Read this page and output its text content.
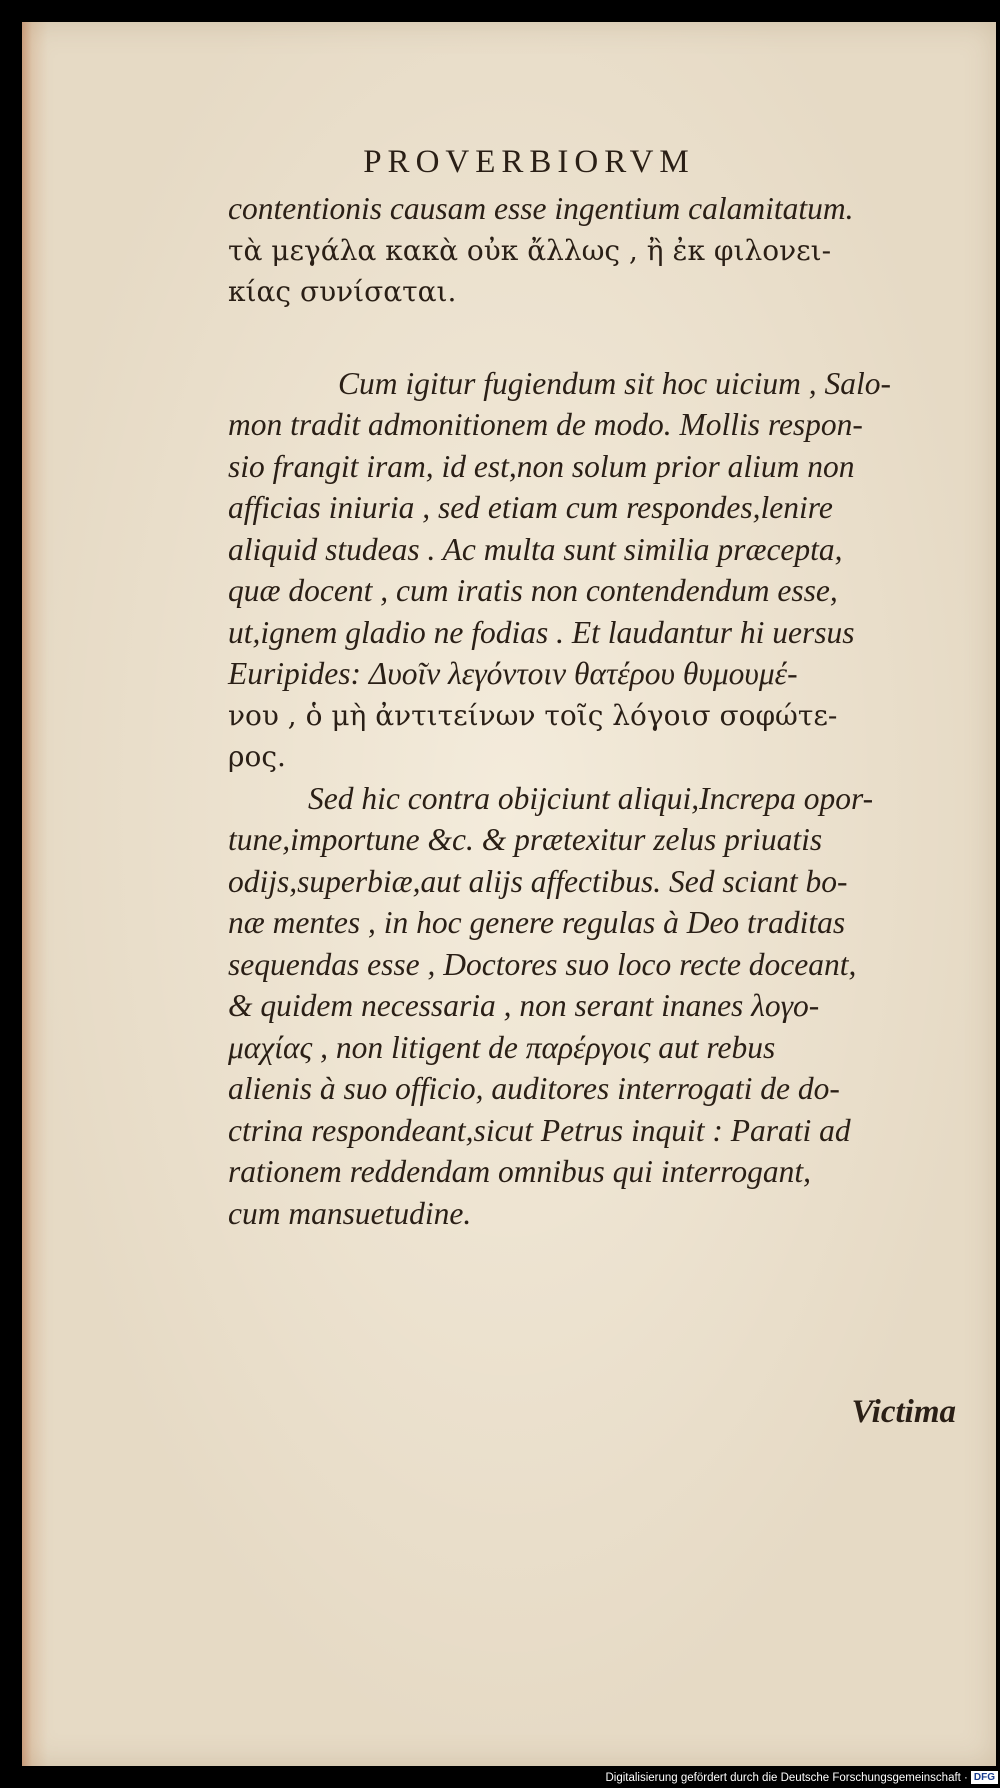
PROVERBIORVM
contentionis causam esse ingentium calamitatum.
τὰ μεγάλα κακὰ οὐκ ἄλλως , ἢ ἐκ φιλονει-
κίας συνίσαται.
Cum igitur fugiendum sit hoc uicium , Salo-
mon tradit admonitionem de modo. Mollis respon-
sio frangit iram, id est,non solum prior alium non
afficias iniuria , sed etiam cum respondes,lenire
aliquid studeas . Ac multa sunt similia præcepta,
quæ docent , cum iratis non contendendum esse,
ut,ignem gladio ne fodias . Et laudantur hi uersus
Euripides: Δυοῖν λεγόντοιν θατέρου θυμουμέ-
νου , ὁ μὴ ἀντιτείνων τοῖς λόγοισ σοφώτε-
ρος.
Sed hic contra obijciunt aliqui,Increpa opor-
tune,importune &c. & prætexitur zelus priuatis
odijs,superbiæ,aut alijs affectibus. Sed sciant bo-
næ mentes , in hoc genere regulas à Deo traditas
sequendas esse , Doctores suo loco recte doceant,
& quidem necessaria , non serant inanes λογο-
μαχίας , non litigent de παρέργοις aut rebus
alienis à suo officio, auditores interrogati de do-
ctrina respondeant,sicut Petrus inquit : Parati ad
rationem reddendam omnibus qui interrogant,
cum mansuetudine.
Victima
Digitalisierung gefördert durch die Deutsche Forschungsgemeinschaft · DFG
